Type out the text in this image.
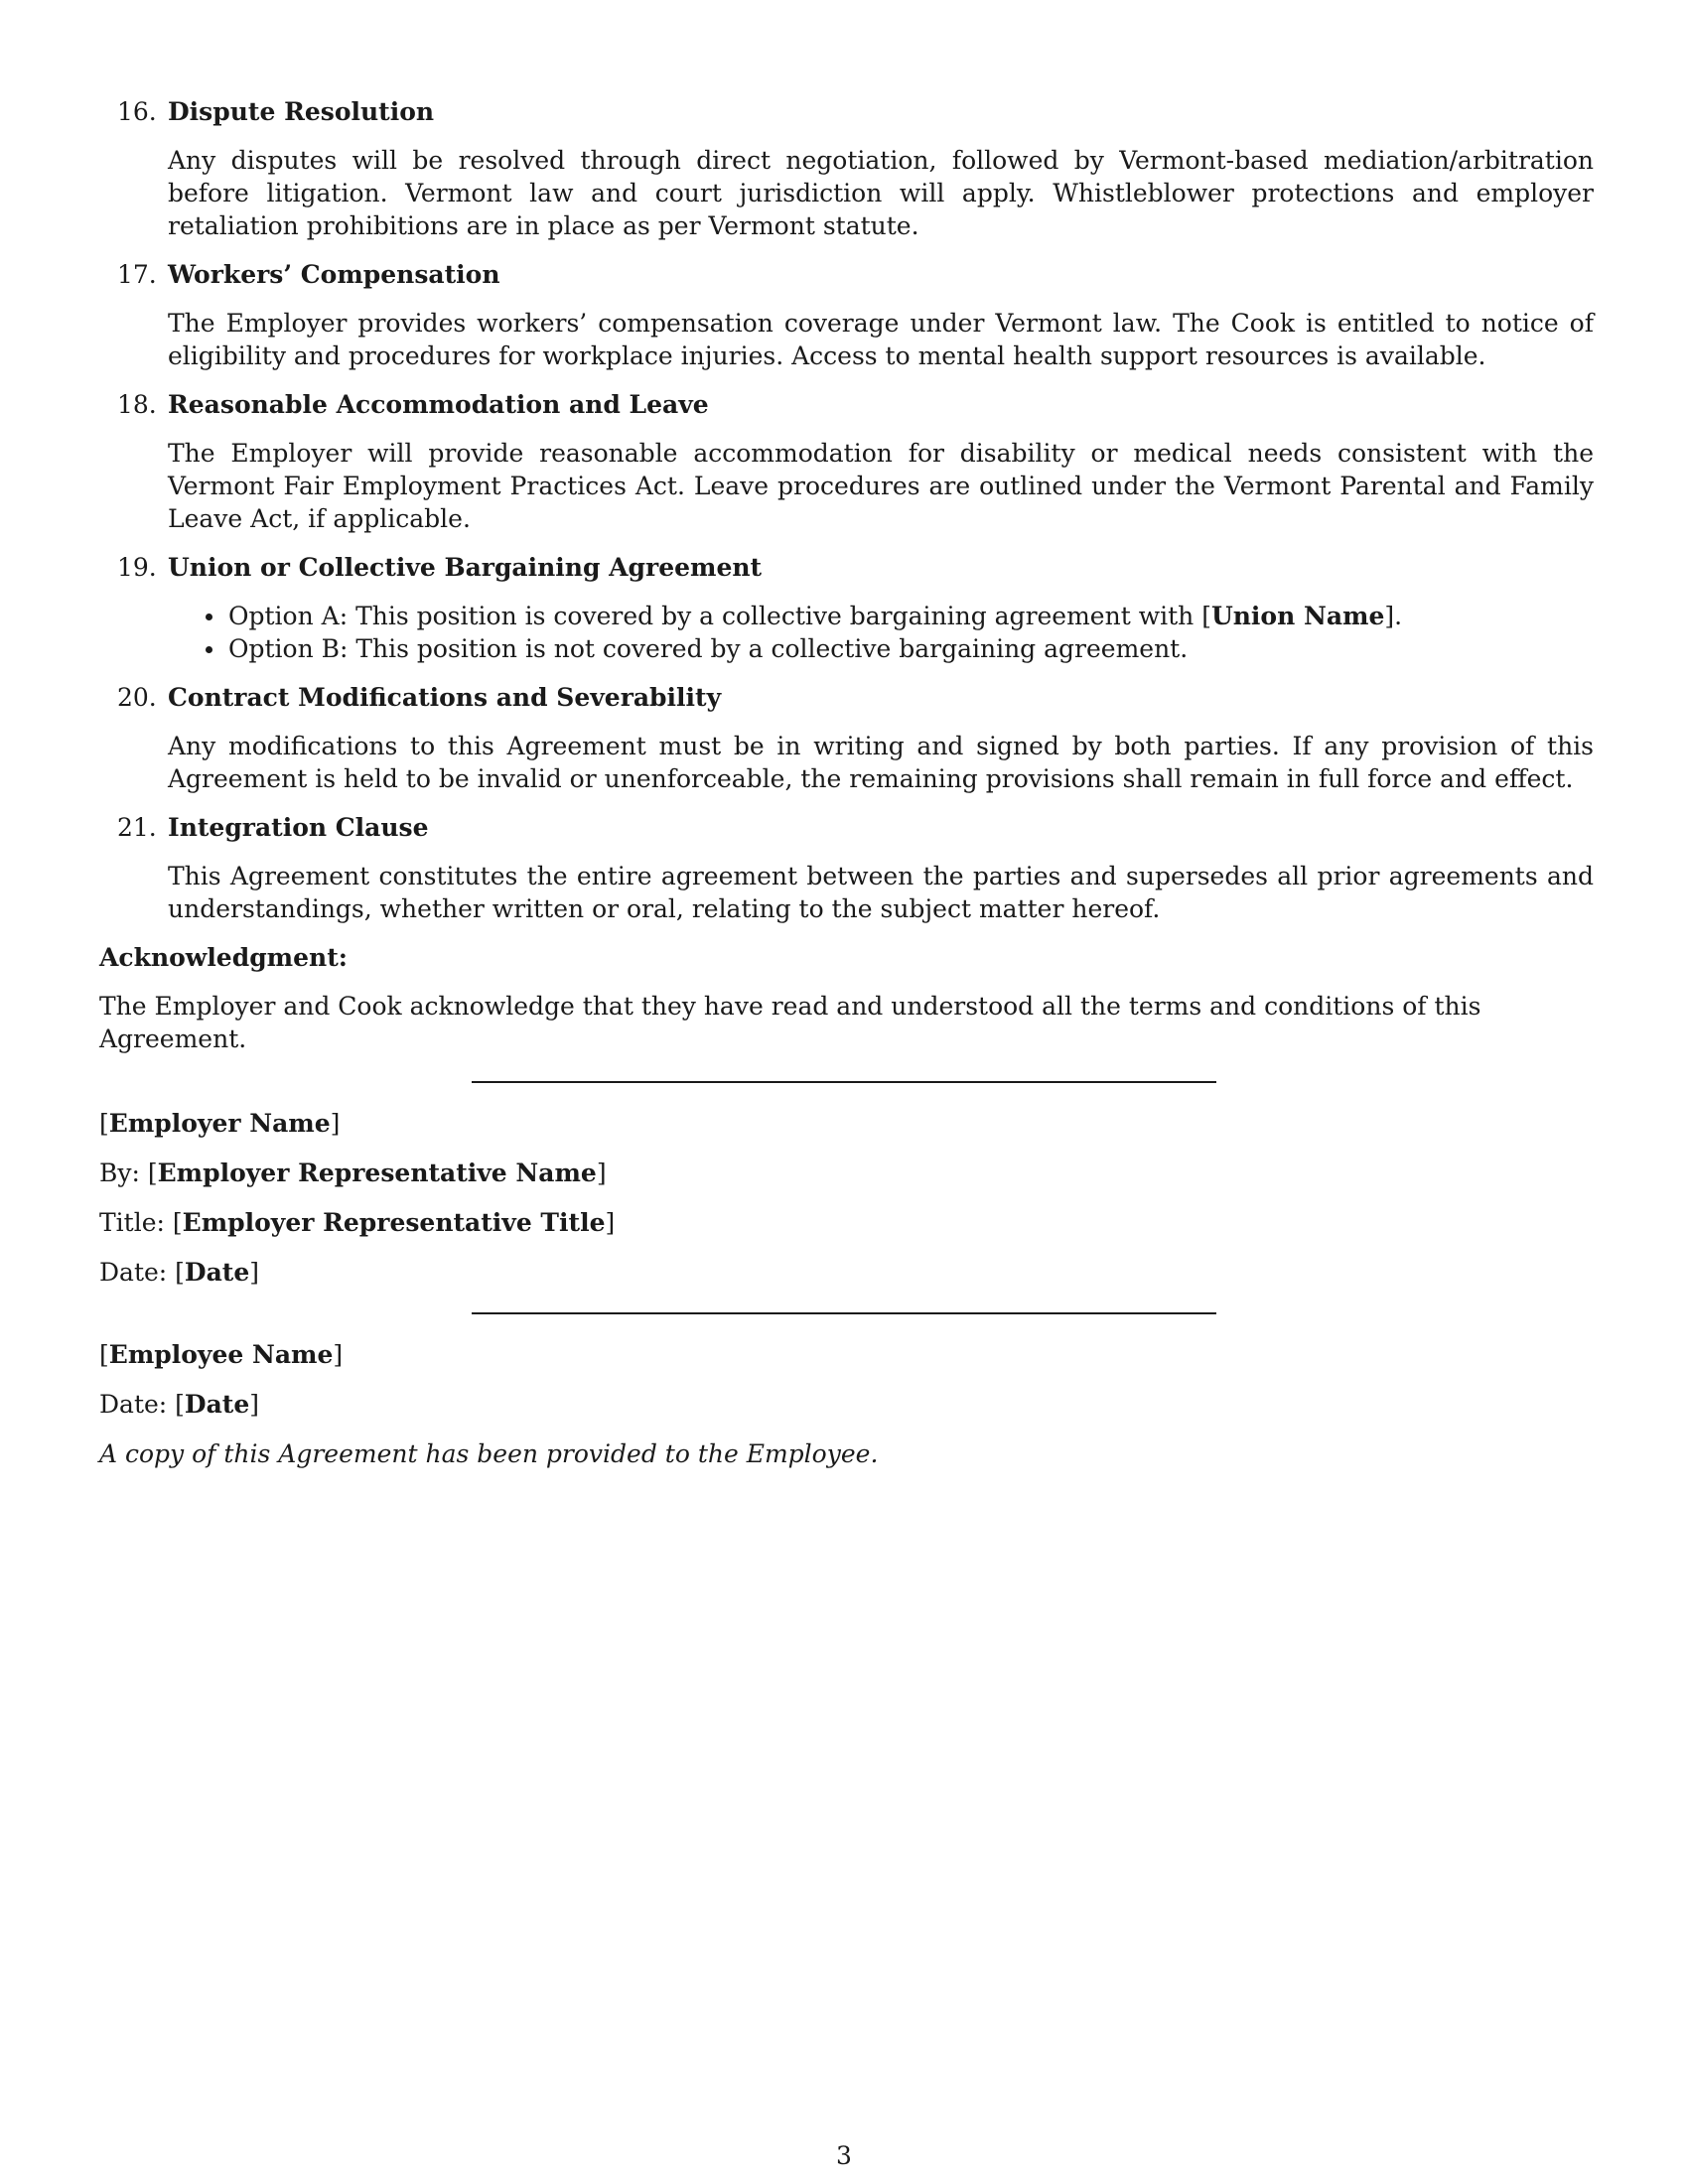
16. Dispute Resolution
Any disputes will be resolved through direct negotiation, followed by Vermont-based mediation/arbitration before litigation. Vermont law and court jurisdiction will apply. Whistleblower protections and employer retaliation prohibitions are in place as per Vermont statute.
17. Workers’ Compensation
The Employer provides workers’ compensation coverage under Vermont law. The Cook is entitled to notice of eligibility and procedures for workplace injuries. Access to mental health support resources is available.
18. Reasonable Accommodation and Leave
The Employer will provide reasonable accommodation for disability or medical needs consistent with the Vermont Fair Employment Practices Act. Leave procedures are outlined under the Vermont Parental and Family Leave Act, if applicable.
19. Union or Collective Bargaining Agreement
Option A: This position is covered by a collective bargaining agreement with [Union Name].
Option B: This position is not covered by a collective bargaining agreement.
20. Contract Modifications and Severability
Any modifications to this Agreement must be in writing and signed by both parties. If any provision of this Agreement is held to be invalid or unenforceable, the remaining provisions shall remain in full force and effect.
21. Integration Clause
This Agreement constitutes the entire agreement between the parties and supersedes all prior agreements and understandings, whether written or oral, relating to the subject matter hereof.
Acknowledgment:
The Employer and Cook acknowledge that they have read and understood all the terms and conditions of this Agreement.
[Employer Name]
By: [Employer Representative Name]
Title: [Employer Representative Title]
Date: [Date]
[Employee Name]
Date: [Date]
A copy of this Agreement has been provided to the Employee.
3
